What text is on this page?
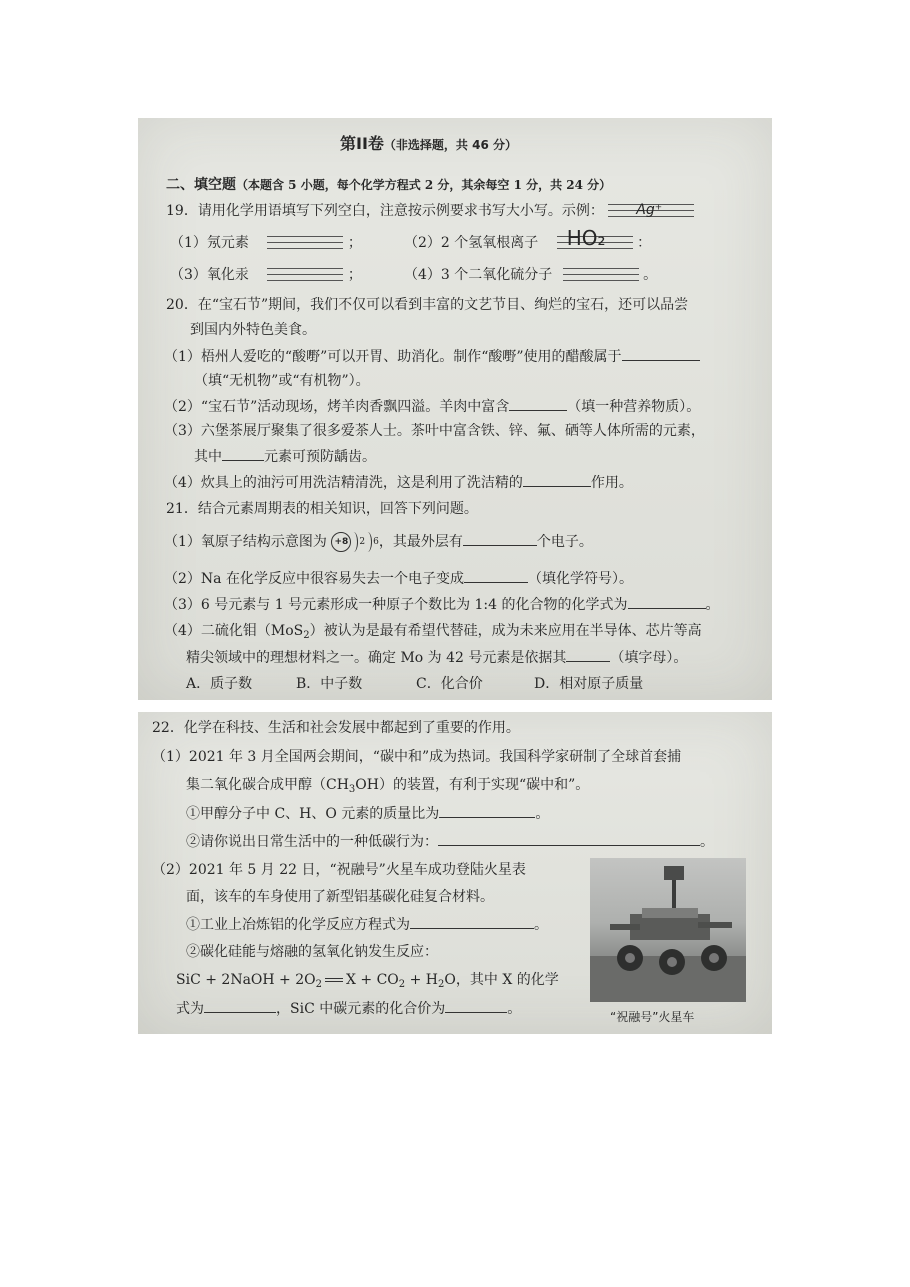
第II卷（非选择题，共 46 分）
二、填空题（本题含 5 小题，每个化学方程式 2 分，其余每空 1 分，共 24 分）
19．请用化学用语填写下列空白，注意按示例要求书写大小写。示例： Ag⁺
（1）氖元素	；	（2）2 个氢氧根离子 HO₂ ：
（3）氧化汞	；	（4）3 个二氧化硫分子	。
20．在“宝石节”期间，我们不仅可以看到丰富的文艺节目、绚烂的宝石，还可以品尝
到国内外特色美食。
（1）梧州人爱吃的“酸嘢”可以开胃、助消化。制作“酸嘢”使用的醋酸属于
（填“无机物”或“有机物”）。
（2）“宝石节”活动现场，烤羊肉香飘四溢。羊肉中富含	（填一种营养物质）。
（3）六堡茶展厅聚集了很多爱茶人士。茶叶中富含铁、锌、氟、硒等人体所需的元素，
其中	元素可预防龋齿。
（4）炊具上的油污可用洗洁精清洗，这是利用了洗洁精的	作用。
21．结合元素周期表的相关知识，回答下列问题。
（1）氧原子结构示意图为 +8 2 6，其最外层有	个电子。
（2）Na 在化学反应中很容易失去一个电子变成	（填化学符号）。
（3）6 号元素与 1 号元素形成一种原子个数比为 1:4 的化合物的化学式为	。
（4）二硫化钼（MoS$_2$）被认为是最有希望代替硅，成为未来应用在半导体、芯片等高
精尖领域中的理想材料之一。确定 Mo 为 42 号元素是依据其	（填字母）。
A．质子数	B．中子数	C．化合价	D．相对原子质量
22．化学在科技、生活和社会发展中都起到了重要的作用。
（1）2021 年 3 月全国两会期间，“碳中和”成为热词。我国科学家研制了全球首套捕
集二氧化碳合成甲醇$(CH_3OH)$的装置，有利于实现“碳中和”。
①甲醇分子中 C、H、O 元素的质量比为	。
②请你说出日常生活中的一种低碳行为：	。
（2）2021 年 5 月 22 日，“祝融号”火星车成功登陆火星表
面，该车的车身使用了新型铝基碳化硅复合材料。
①工业上冶炼铝的化学反应方程式为	。
②碳化硅能与熔融的氢氧化钠发生反应：
SiC + 2NaOH + $2O_2$ $X + CO_2 + H_2O$，其中 X 的化学
式为	，SiC 中碳元素的化合价为	。	“祝融号”火星车
